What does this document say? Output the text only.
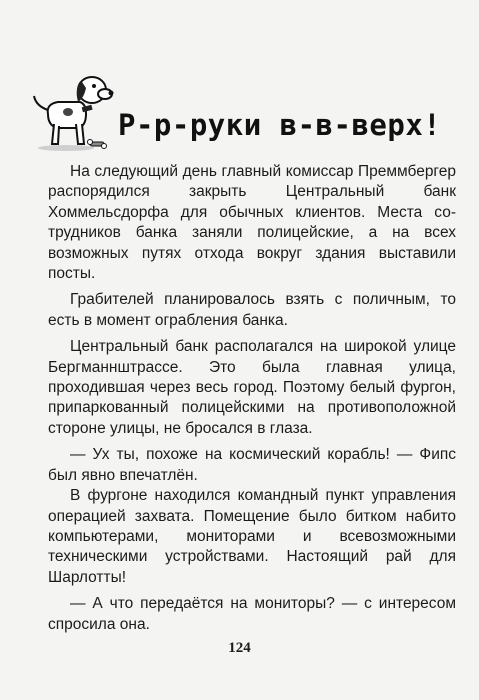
Р-р-руки в-в-верх!

На следующий день главный комиссар Преммбергер распорядился закрыть Центральный банк Хоммельсдорфа для обычных клиентов. Места сотрудников банка заняли полицейские, а на всех возможных путях отхода вокруг здания выставили посты.

Грабителей планировалось взять с поличным, то есть в момент ограбления банка.

Центральный банк располагался на широкой улице Бергманнштрассе. Это была главная улица, проходившая через весь город. Поэтому белый фургон, припаркованный полицейскими на противоположной стороне улицы, не бросался в глаза.

— Ух ты, похоже на космический корабль! — Фипс был явно впечатлён.

В фургоне находился командный пункт управления операцией захвата. Помещение было битком набито компьютерами, мониторами и всевозможными техническими устройствами. Настоящий рай для Шарлотты!

— А что передаётся на мониторы? — с интересом спросила она.

124
